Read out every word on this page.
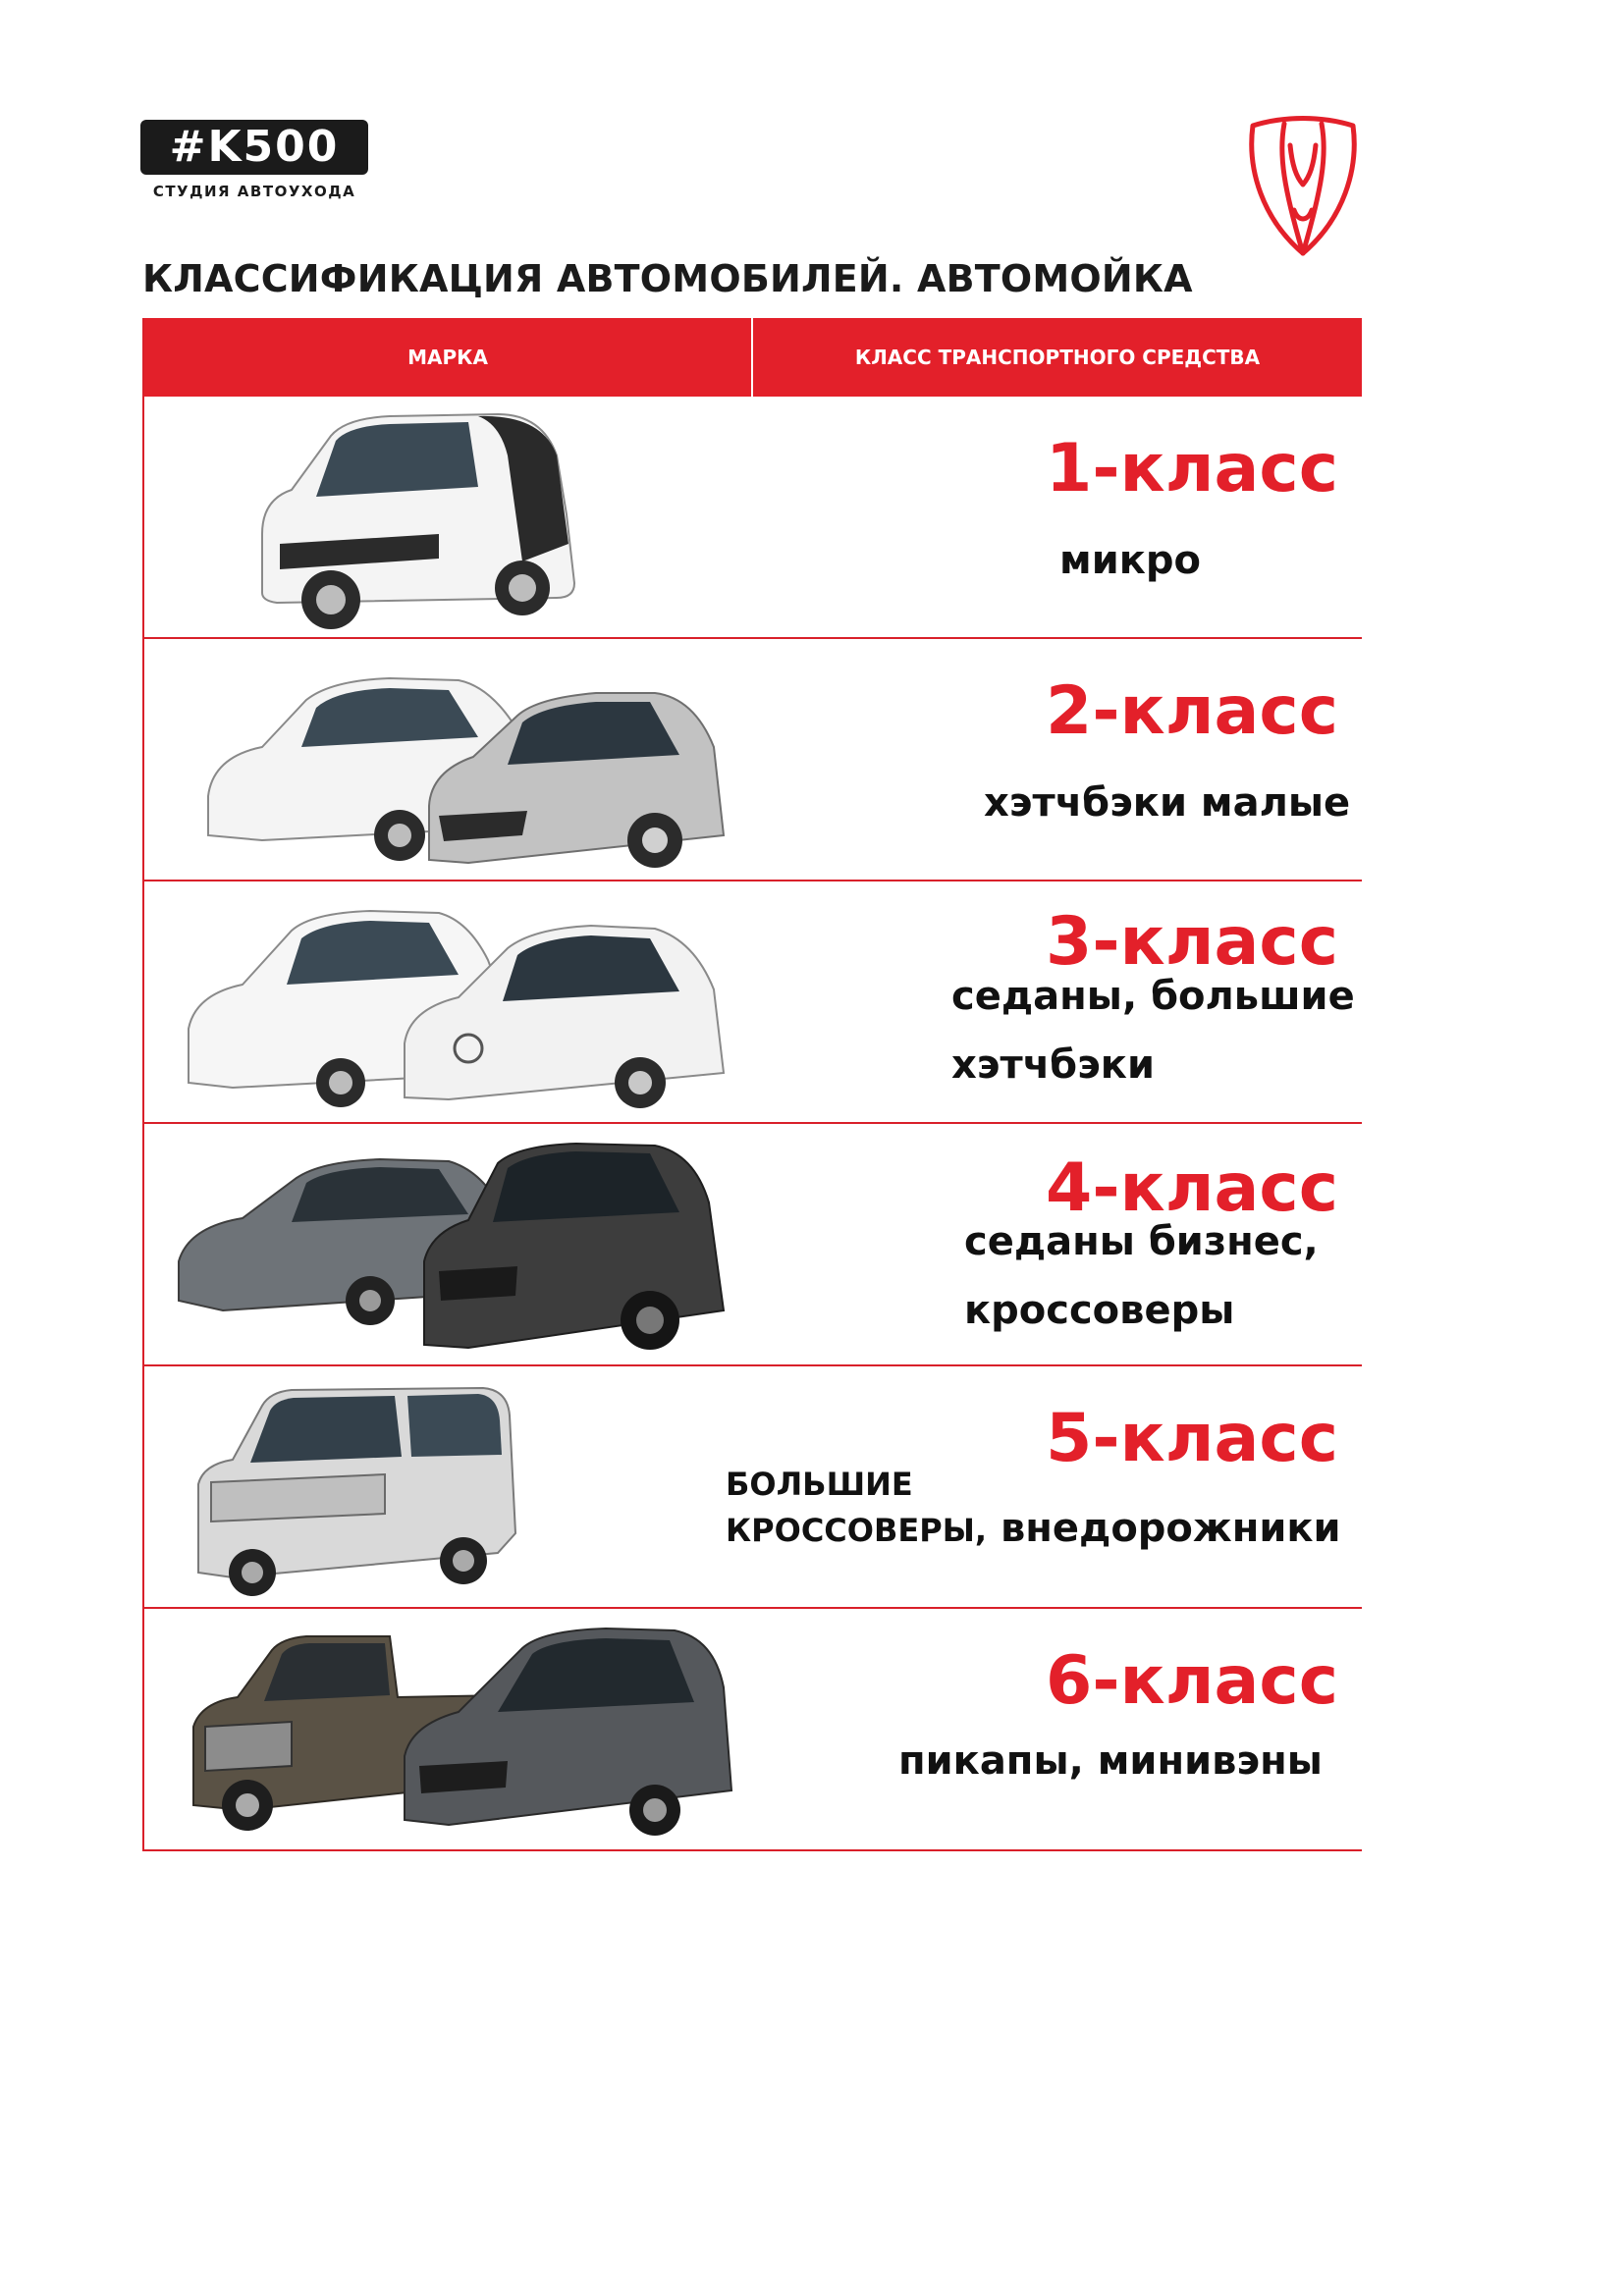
#K500
СТУДИЯ АВТОУХОДА
КЛАССИФИКАЦИЯ АВТОМОБИЛЕЙ. АВТОМОЙКА
МАРКА	КЛАСС ТРАНСПОРТНОГО СРЕДСТВА
1-класс
микро
2-класс
хэтчбэки малые
3-класс
седаны, большие
хэтчбэки
4-класс
седаны бизнес,
кроссоверы
5-класс
БОЛЬШИЕ
КРОССОВЕРЫ, внедорожники
6-класс
пикапы, минивэны
